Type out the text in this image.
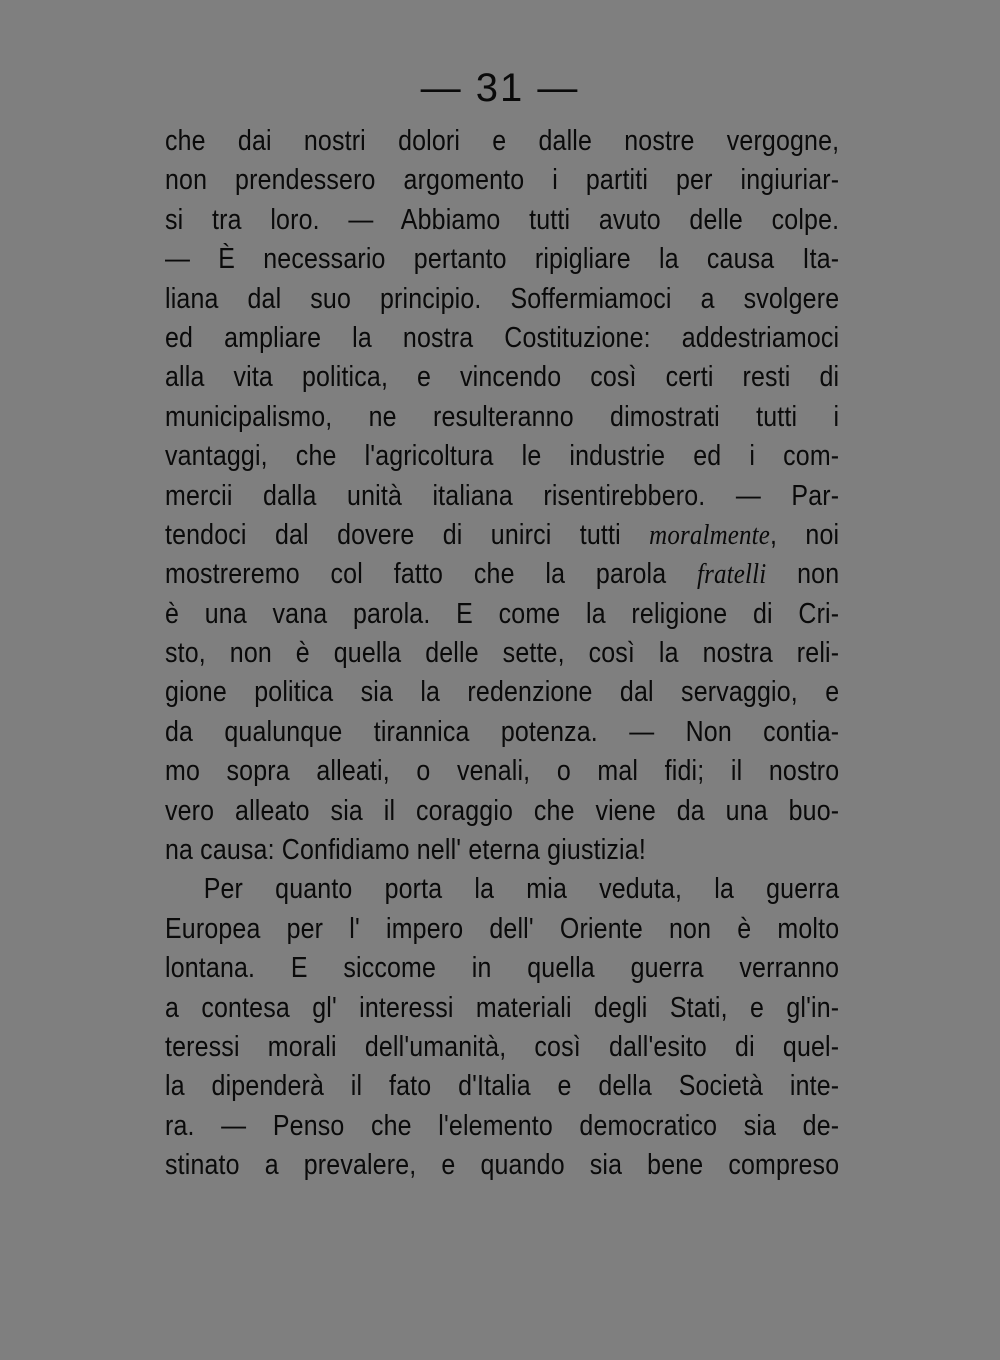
— 31 —
che dai nostri dolori e dalle nostre vergogne,
non prendessero argomento i partiti per ingiuriar-
si tra loro. — Abbiamo tutti avuto delle colpe.
— È necessario pertanto ripigliare la causa Ita-
liana dal suo principio. Soffermiamoci a svolgere
ed ampliare la nostra Costituzione: addestriamoci
alla vita politica, e vincendo così certi resti di
municipalismo, ne resulteranno dimostrati tutti i
vantaggi, che l'agricoltura le industrie ed i com-
mercii dalla unità italiana risentirebbero. — Par-
tendoci dal dovere di unirci tutti moralmente, noi
mostreremo col fatto che la parola fratelli non
è una vana parola. E come la religione di Cri-
sto, non è quella delle sette, così la nostra reli-
gione politica sia la redenzione dal servaggio, e
da qualunque tirannica potenza. — Non contia-
mo sopra alleati, o venali, o mal fidi; il nostro
vero alleato sia il coraggio che viene da una buo-
na causa: Confidiamo nell' eterna giustizia!
Per quanto porta la mia veduta, la guerra
Europea per l' impero dell' Oriente non è molto
lontana. E siccome in quella guerra verranno
a contesa gl' interessi materiali degli Stati, e gl'in-
teressi morali dell'umanità, così dall'esito di quel-
la dipenderà il fato d'Italia e della Società inte-
ra. — Penso che l'elemento democratico sia de-
stinato a prevalere, e quando sia bene compreso
